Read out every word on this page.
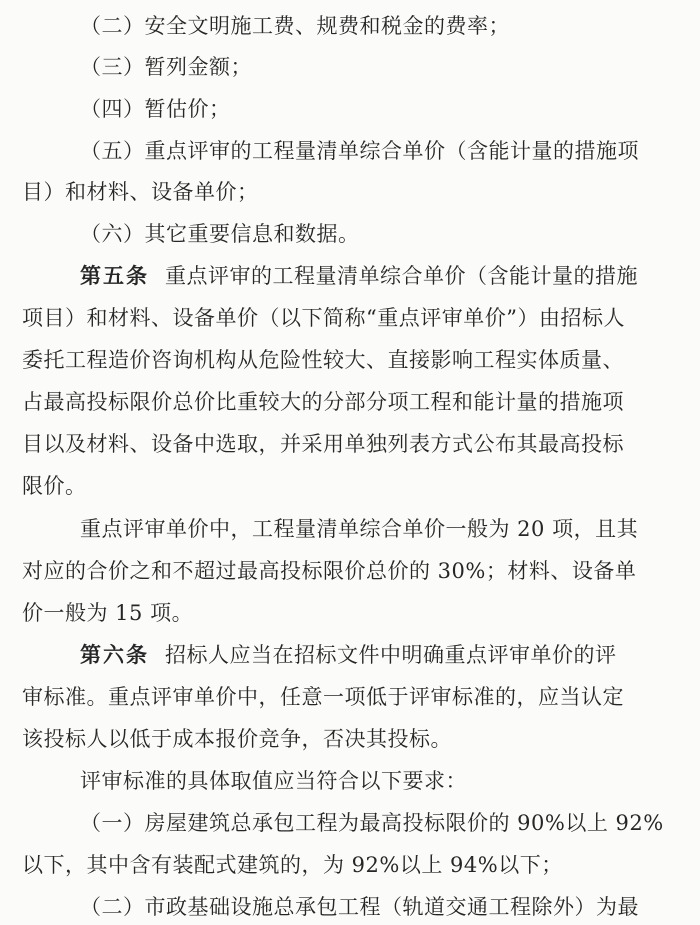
（二）安全文明施工费、规费和税金的费率；
（三）暂列金额；
（四）暂估价；
（五）重点评审的工程量清单综合单价（含能计量的措施项
目）和材料、设备单价；
（六）其它重要信息和数据。
第五条 重点评审的工程量清单综合单价（含能计量的措施
项目）和材料、设备单价（以下简称“重点评审单价”）由招标人
委托工程造价咨询机构从危险性较大、直接影响工程实体质量、
占最高投标限价总价比重较大的分部分项工程和能计量的措施项
目以及材料、设备中选取，并采用单独列表方式公布其最高投标
限价。
重点评审单价中，工程量清单综合单价一般为 20 项，且其
对应的合价之和不超过最高投标限价总价的 30%；材料、设备单
价一般为 15 项。
第六条 招标人应当在招标文件中明确重点评审单价的评
审标准。重点评审单价中，任意一项低于评审标准的，应当认定
该投标人以低于成本报价竞争，否决其投标。
评审标准的具体取值应当符合以下要求：
（一）房屋建筑总承包工程为最高投标限价的 90%以上 92%
以下，其中含有装配式建筑的，为 92%以上 94%以下；
（二）市政基础设施总承包工程（轨道交通工程除外）为最
